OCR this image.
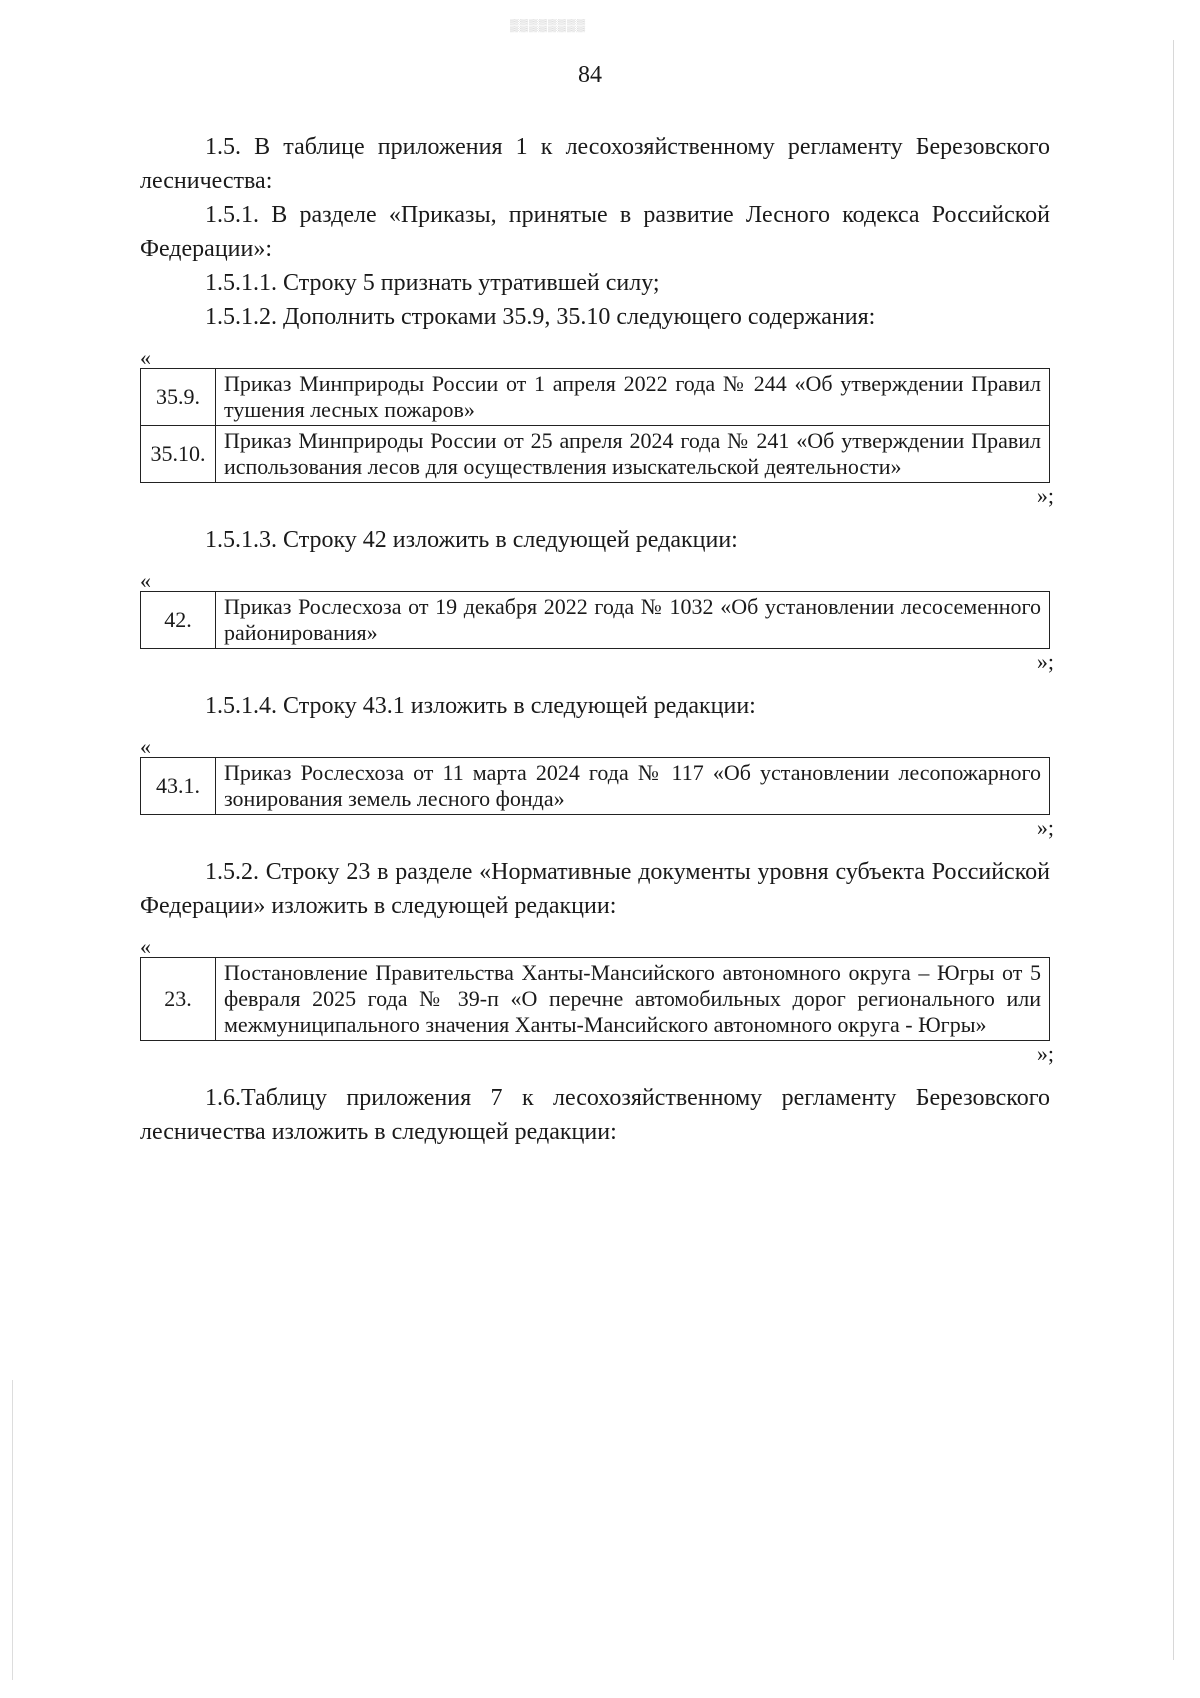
▒▒▒▒▒▒▒▒
84

1.5. В таблице приложения 1 к лесохозяйственному регламенту Березовского лесничества:

1.5.1. В разделе «Приказы, принятые в развитие Лесного кодекса Российской Федерации»:

1.5.1.1. Строку 5 признать утратившей силу;

1.5.1.2. Дополнить строками 35.9, 35.10 следующего содержания:

«
35.9.	Приказ Минприроды России от 1 апреля 2022 года № 244 «Об утверждении Правил тушения лесных пожаров»
35.10.	Приказ Минприроды России от 25 апреля 2024 года № 241 «Об утверждении Правил использования лесов для осуществления изыскательской деятельности»
»;

1.5.1.3. Строку 42 изложить в следующей редакции:

«
42.	Приказ Рослесхоза от 19 декабря 2022 года № 1032 «Об установлении лесосеменного районирования»
»;

1.5.1.4. Строку 43.1 изложить в следующей редакции:

«
43.1.	Приказ Рослесхоза от 11 марта 2024 года № 117 «Об установлении лесопожарного зонирования земель лесного фонда»
»;

1.5.2. Строку 23 в разделе «Нормативные документы уровня субъекта Российской Федерации» изложить в следующей редакции:

«
23.	Постановление Правительства Ханты-Мансийского автономного округа – Югры от 5 февраля 2025 года № 39-п «О перечне автомобильных дорог регионального или межмуниципального значения Ханты-Мансийского автономного округа - Югры»
»;

1.6.Таблицу приложения 7 к лесохозяйственному регламенту Березовского лесничества изложить в следующей редакции:
